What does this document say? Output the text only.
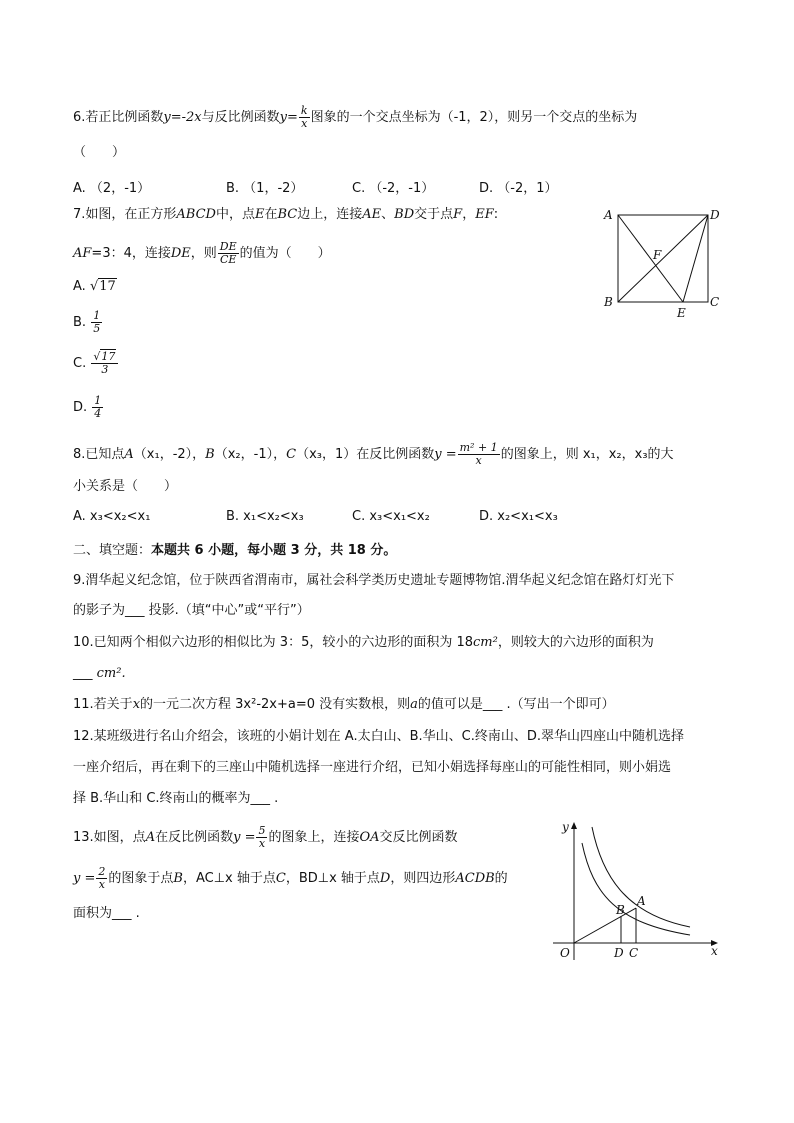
6.若正比例函数y=-2x与反比例函数$y= \frac{k}{x}$ 图象的一个交点坐标为（-1，2），则另一个交点的坐标为
（　　）
A. （2，-1）	B. （1，-2）	C. （-2，-1）	D. （-2，1）
7.如图，在正方形ABCD中，点E在BC边上，连接AE、BD交于点F，EF:
AF=3：4，连接DE，则 $\frac{DE}{CE}$ 的值为（　　）
A. √17
B. $\frac{1}{5}$
C. $\frac{√17}{3}$
D. $\frac{1}{4}$
A	D
B	C
E
F
8.已知点A（x₁，-2），B（x₂，-1），C（x₃，1）在反比例函数$y = \frac{\text{m² + 1}}{x}$ 的图象上，则 x₁，x₂，x₃的大
小关系是（　　）
A. x₃<x₂<x₁	B. x₁<x₂<x₃	C. x₃<x₁<x₂	D. x₂<x₁<x₃
二、填空题：本题共 6 小题，每小题 3 分，共 18 分。
9.渭华起义纪念馆，位于陕西省渭南市，属社会科学类历史遗址专题博物馆.渭华起义纪念馆在路灯灯光下
的影子为___ 投影.（填“中心”或“平行”）
10.已知两个相似六边形的相似比为 3：5，较小的六边形的面积为 18cm²，则较大的六边形的面积为
___ cm².
11.若关于x的一元二次方程 3x²-2x+a=0 没有实数根，则a的值可以是___ .（写出一个即可）
12.某班级进行名山介绍会，该班的小娟计划在 A.太白山、B.华山、C.终南山、D.翠华山四座山中随机选择
一座介绍后，再在剩下的三座山中随机选择一座进行介绍，已知小娟选择每座山的可能性相同，则小娟选
择 B.华山和 C.终南山的概率为___ .
13.如图，点A在反比例函数$y = \frac{5}{x}$ 的图象上，连接OA交反比例函数
$y = \frac{2}{x}$ 的图象于点B，AC⊥x 轴于点C，BD⊥x 轴于点D，则四边形ACDB的
面积为___ .
y
x
O
A
B
C
D
